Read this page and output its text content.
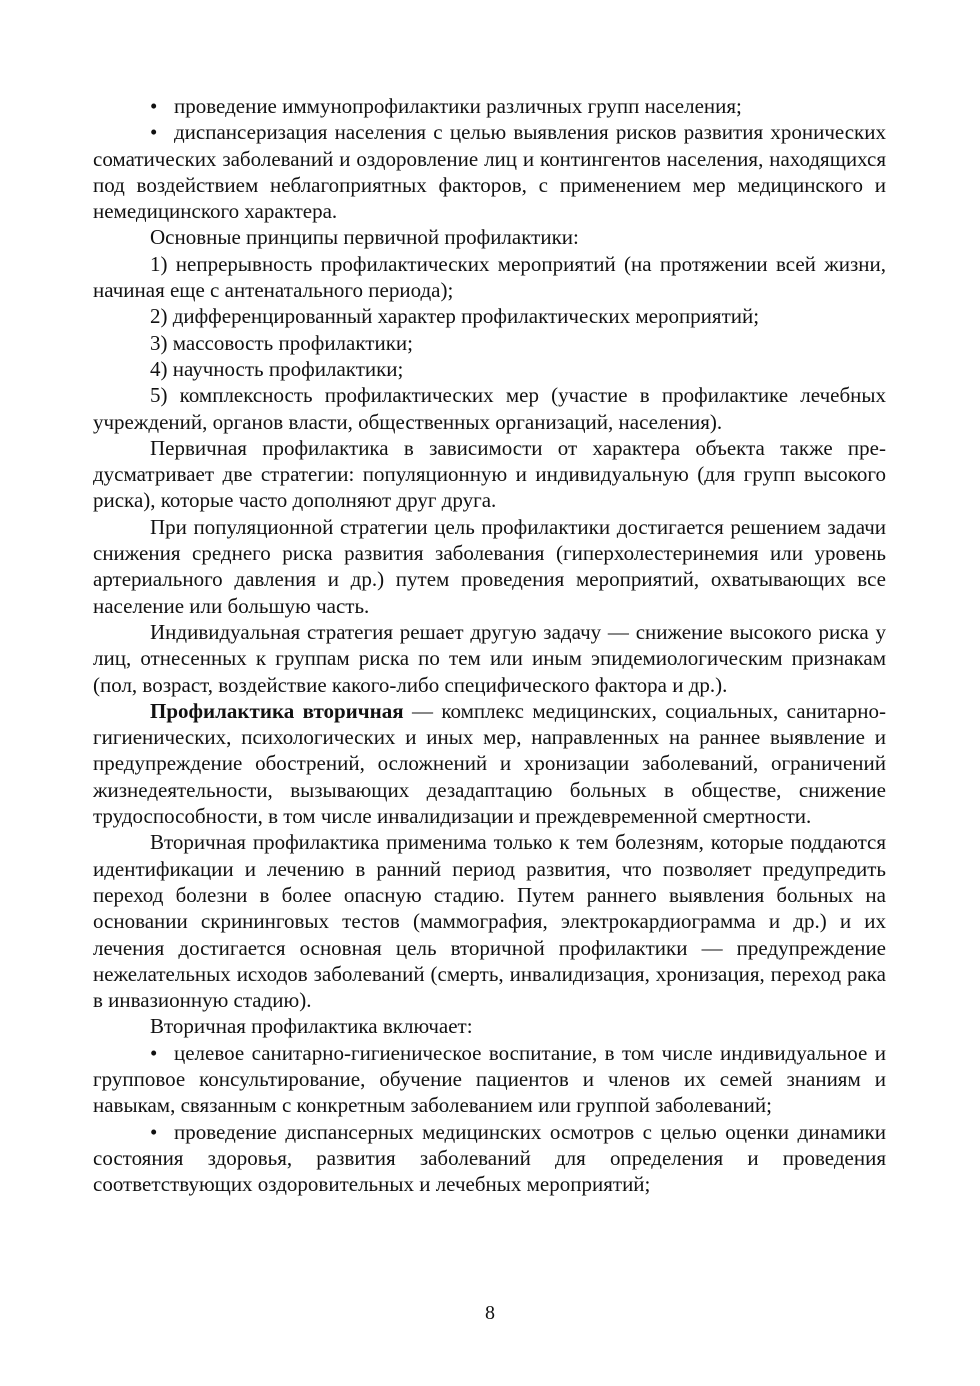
• проведение иммунопрофилактики различных групп населения;

• диспансеризация населения с целью выявления рисков развития хронических соматических заболеваний и оздоровление лиц и контингентов населения, находящихся под воздействием неблагоприятных факторов, с применением мер медицинского и немедицинского характера.

Основные принципы первичной профилактики:

1) непрерывность профилактических мероприятий (на протяжении всей жизни, начиная еще с антенатального периода);

2) дифференцированный характер профилактических мероприятий;

3) массовость профилактики;

4) научность профилактики;

5) комплексность профилактических мер (участие в профилактике лечебных учреждений, органов власти, общественных организаций, населения).

Первичная профилактика в зависимости от характера объекта также предусматривает две стратегии: популяционную и индивидуальную (для групп высокого риска), которые часто дополняют друг друга.

При популяционной стратегии цель профилактики достигается решением задачи снижения среднего риска развития заболевания (гиперхолестеринемия или уровень артериального давления и др.) путем проведения мероприятий, охватывающих все население или большую часть.

Индивидуальная стратегия решает другую задачу — снижение высокого риска у лиц, отнесенных к группам риска по тем или иным эпидемиологическим признакам (пол, возраст, воздействие какого-либо специфического фактора и др.).

Профилактика вторичная — комплекс медицинских, социальных, санитарно-гигиенических, психологических и иных мер, направленных на раннее выявление и предупреждение обострений, осложнений и хронизации заболеваний, ограничений жизнедеятельности, вызывающих дезадаптацию больных в обществе, снижение трудоспособности, в том числе инвалидизации и преждевременной смертности.

Вторичная профилактика применима только к тем болезням, которые поддаются идентификации и лечению в ранний период развития, что позволяет предупредить переход болезни в более опасную стадию. Путем раннего выявления больных на основании скрининговых тестов (маммография, электрокардиограмма и др.) и их лечения достигается основная цель вторичной профилактики — предупреждение нежелательных исходов заболеваний (смерть, инвалидизация, хронизация, переход рака в инвазионную стадию).

Вторичная профилактика включает:

• целевое санитарно-гигиеническое воспитание, в том числе индивидуальное и групповое консультирование, обучение пациентов и членов их семей знаниям и навыкам, связанным с конкретным заболеванием или группой заболеваний;

• проведение диспансерных медицинских осмотров с целью оценки динамики состояния здоровья, развития заболеваний для определения и проведения соответствующих оздоровительных и лечебных мероприятий;

8
